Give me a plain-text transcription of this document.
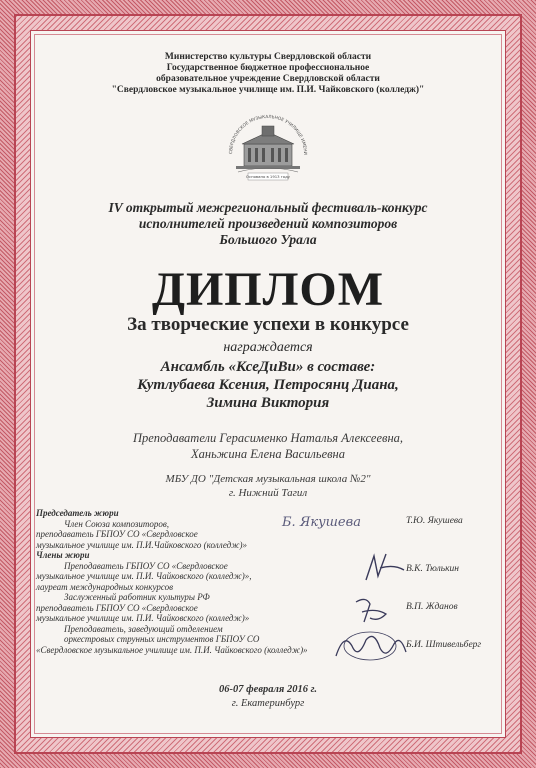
Министерство культуры Свердловской области
Государственное бюджетное профессиональное
образовательное учреждение Свердловской области
"Свердловское музыкальное училище им. П.И. Чайковского (колледж)"
СВЕРДЛОВСКОЕ МУЗЫКАЛЬНОЕ УЧИЛИЩЕ ИМЕНИ
Основано в 1913 году
IV открытый межрегиональный фестиваль-конкурс
исполнителей произведений композиторов
Большого Урала
ДИПЛОМ
За творческие успехи в конкурсе
награждается
Ансамбль «КсеДиВи» в составе:
Кутлубаева Ксения, Петросянц Диана,
Зимина Виктория
Преподаватели Герасименко Наталья Алексеевна,
Ханьжина Елена Васильевна
МБУ ДО "Детская музыкальная школа №2"
г. Нижний Тагил
Председатель жюри
Член Союза композиторов,
преподаватель ГБПОУ СО «Свердловское
музыкальное училище им. П.И.Чайковского (колледж)»
Члены жюри
Преподаватель ГБПОУ СО «Свердловское
музыкальное училище им. П.И. Чайковского (колледж)»,
лауреат международных конкурсов
Заслуженный работник культуры РФ
преподаватель ГБПОУ СО «Свердловское
музыкальное училище им. П.И. Чайковского (колледж)»
Преподаватель, заведующий отделением
оркестровых струнных инструментов ГБПОУ СО
«Свердловское музыкальное училище им. П.И. Чайковского (колледж)»
Б. Якушева	Т.Ю. Якушева
В.К. Тюлькин
В.П. Жданов
Б.И. Штивельберг
06-07 февраля 2016 г.
г. Екатеринбург
